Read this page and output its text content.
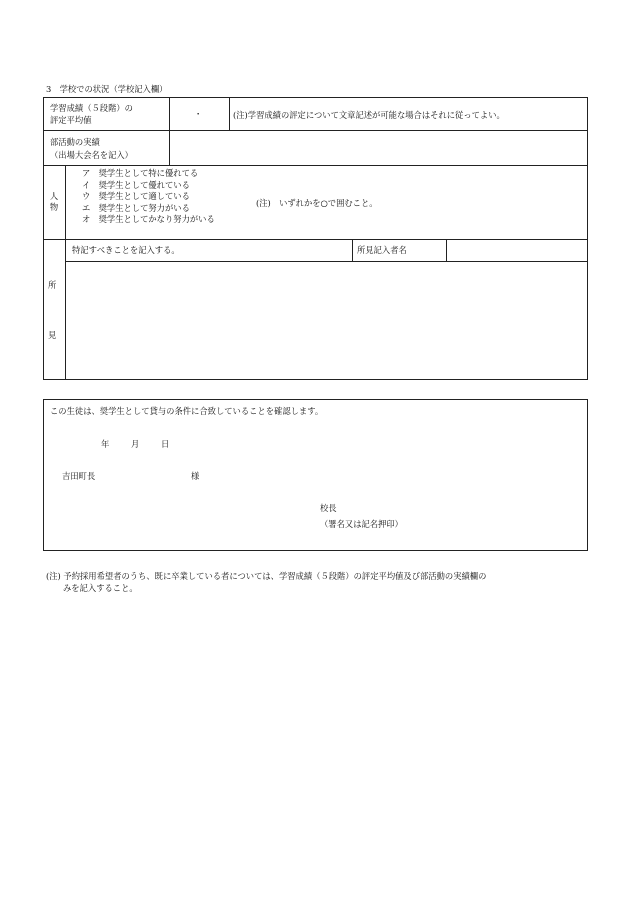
3　学校での状況（学校記入欄）
学習成績（５段階）の
評定平均値
・	(注)学習成績の評定について文章記述が可能な場合はそれに従ってよい。
部活動の実績
（出場大会名を記入）
人
物
ア　奨学生として特に優れてる
イ　奨学生として優れている
ウ　奨学生として適している
エ　奨学生として努力がいる
オ　奨学生としてかなり努力がいる
(注)　いずれかを○で囲むこと。
所
見
特記すべきことを記入する。	所見記入者名
この生徒は、奨学生として貸与の条件に合致していることを確認します。
年	月	日
吉田町長	様
校長
（署名又は記名押印）
(注) 予約採用希望者のうち、既に卒業している者については、学習成績（５段階）の評定平均値及び部活動の実績欄の
みを記入すること。
